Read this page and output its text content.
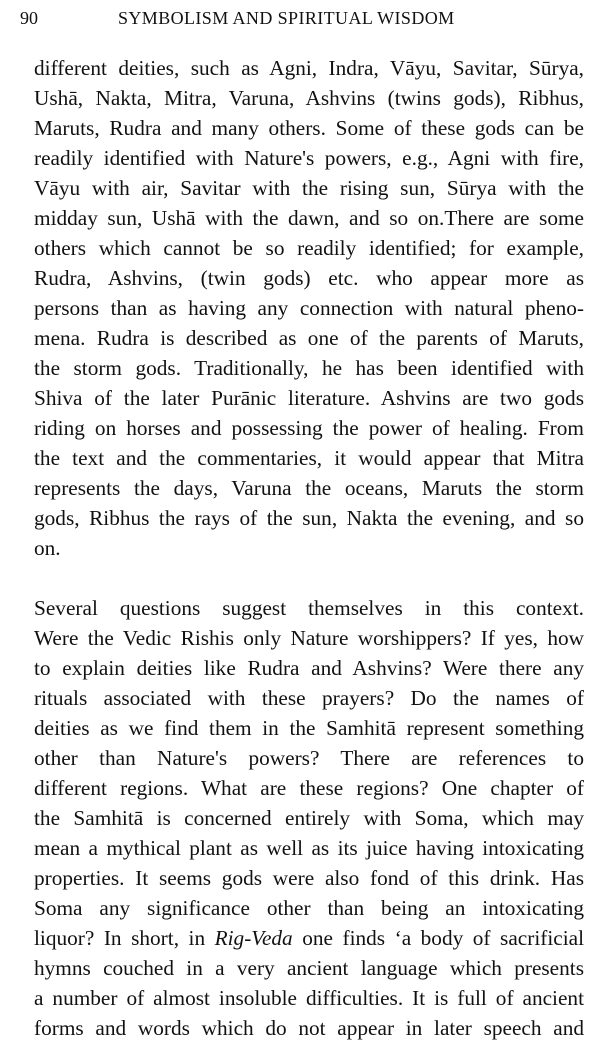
90	SYMBOLISM AND SPIRITUAL WISDOM
different deities, such as Agni, Indra, Vāyu, Savitar, Sūrya,
Ushā, Nakta, Mitra, Varuna, Ashvins (twins gods), Ribhus,
Maruts, Rudra and many others. Some of these gods can be
readily identified with Nature's powers, e.g., Agni with fire,
Vāyu with air, Savitar with the rising sun, Sūrya with the
midday sun, Ushā with the dawn, and so on.There are some
others which cannot be so readily identified; for example,
Rudra, Ashvins, (twin gods) etc. who appear more as
persons than as having any connection with natural pheno-
mena. Rudra is described as one of the parents of Maruts,
the storm gods. Traditionally, he has been identified with
Shiva of the later Purānic literature. Ashvins are two gods
riding on horses and possessing the power of healing. From
the text and the commentaries, it would appear that Mitra
represents the days, Varuna the oceans, Maruts the storm
gods, Ribhus the rays of the sun, Nakta the evening, and so
on.
Several questions suggest themselves in this context.
Were the Vedic Rishis only Nature worshippers? If yes, how
to explain deities like Rudra and Ashvins? Were there any
rituals associated with these prayers? Do the names of
deities as we find them in the Samhitā represent something
other than Nature's powers? There are references to
different regions. What are these regions? One chapter of
the Samhitā is concerned entirely with Soma, which may
mean a mythical plant as well as its juice having intoxicating
properties. It seems gods were also fond of this drink. Has
Soma any significance other than being an intoxicating
liquor? In short, in Rig-Veda one finds ‘a body of sacrificial
hymns couched in a very ancient language which presents
a number of almost insoluble difficulties. It is full of ancient
forms and words which do not appear in later speech and
